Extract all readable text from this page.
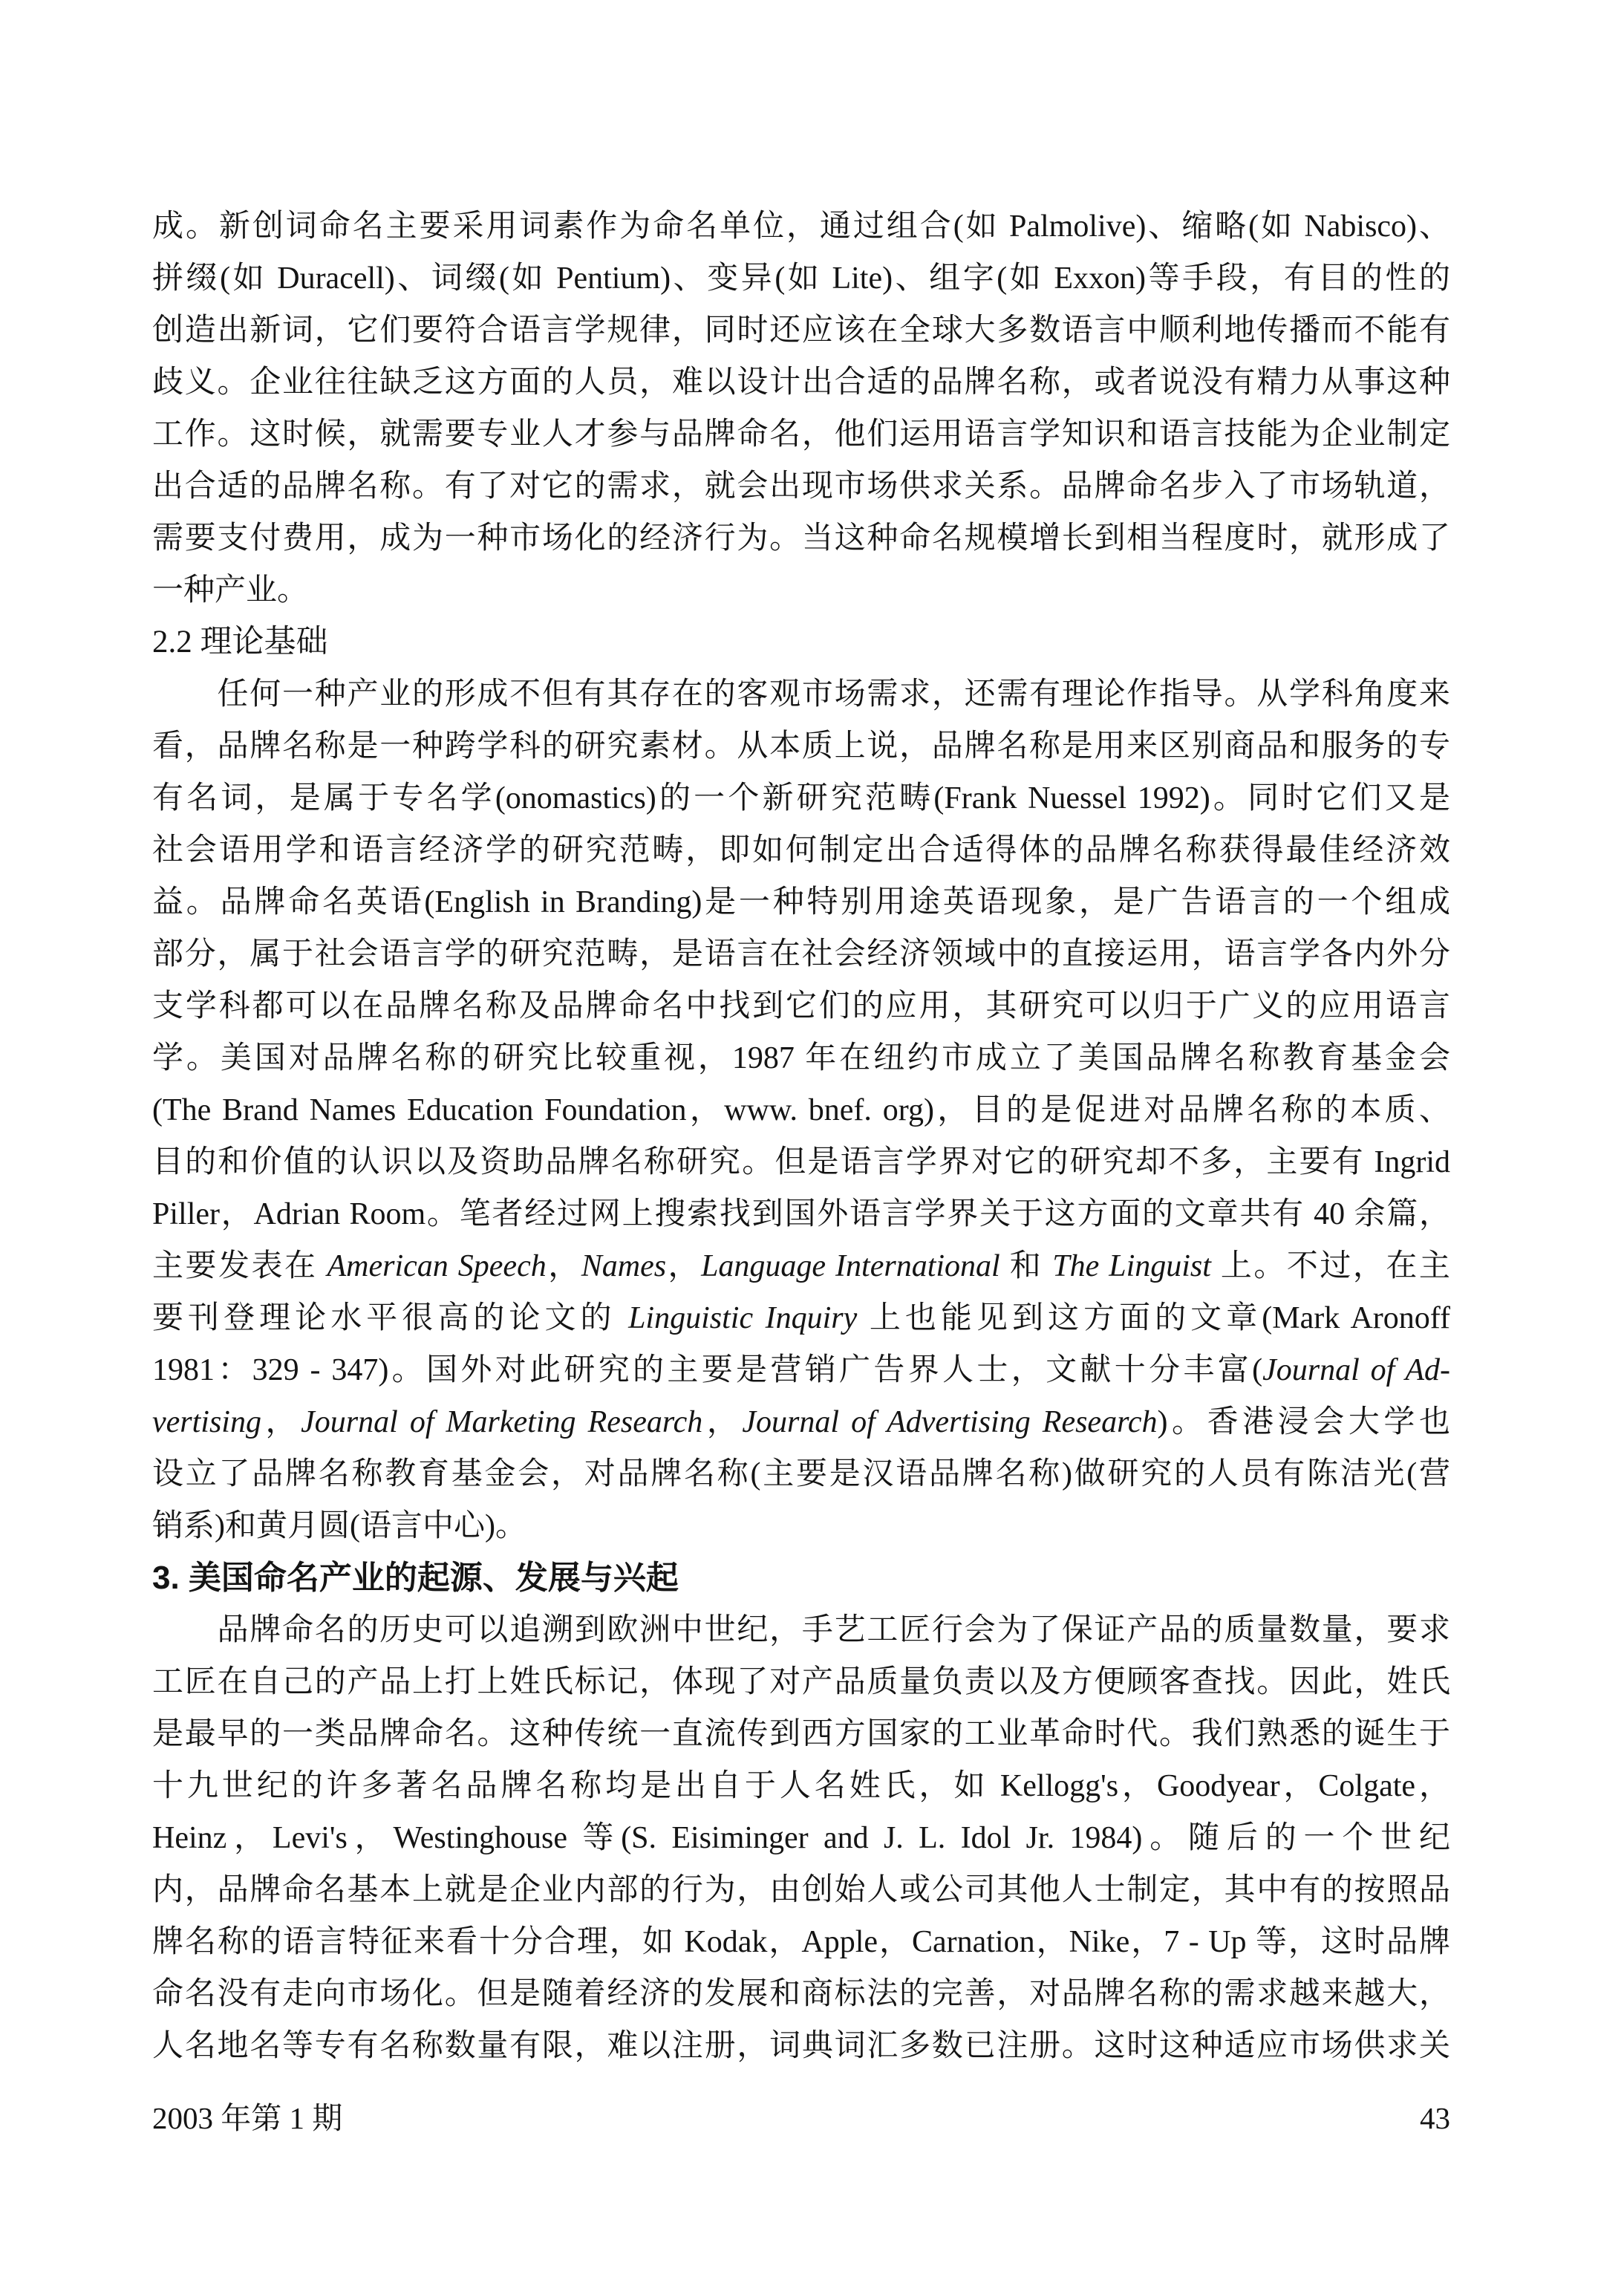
成。新创词命名主要采用词素作为命名单位，通过组合(如 Palmolive)、缩略(如 Nabisco)、
拼缀(如 Duracell)、词缀(如 Pentium)、变异(如 Lite)、组字(如 Exxon)等手段，有目的性的
创造出新词，它们要符合语言学规律，同时还应该在全球大多数语言中顺利地传播而不能有
歧义。企业往往缺乏这方面的人员，难以设计出合适的品牌名称，或者说没有精力从事这种
工作。这时候，就需要专业人才参与品牌命名，他们运用语言学知识和语言技能为企业制定
出合适的品牌名称。有了对它的需求，就会出现市场供求关系。品牌命名步入了市场轨道，
需要支付费用，成为一种市场化的经济行为。当这种命名规模增长到相当程度时，就形成了
一种产业。
2.2 理论基础
　　任何一种产业的形成不但有其存在的客观市场需求，还需有理论作指导。从学科角度来
看，品牌名称是一种跨学科的研究素材。从本质上说，品牌名称是用来区别商品和服务的专
有名词，是属于专名学(onomastics)的一个新研究范畴(Frank Nuessel 1992)。同时它们又是
社会语用学和语言经济学的研究范畴，即如何制定出合适得体的品牌名称获得最佳经济效
益。品牌命名英语(English in Branding)是一种特别用途英语现象，是广告语言的一个组成
部分，属于社会语言学的研究范畴，是语言在社会经济领域中的直接运用，语言学各内外分
支学科都可以在品牌名称及品牌命名中找到它们的应用，其研究可以归于广义的应用语言
学。美国对品牌名称的研究比较重视，1987 年在纽约市成立了美国品牌名称教育基金会
(The Brand Names Education Foundation，www. bnef. org)，目的是促进对品牌名称的本质、
目的和价值的认识以及资助品牌名称研究。但是语言学界对它的研究却不多，主要有 Ingrid
Piller，Adrian Room。笔者经过网上搜索找到国外语言学界关于这方面的文章共有 40 余篇，
主要发表在 American Speech，Names，Language International 和 The Linguist 上。不过，在主
要刊登理论水平很高的论文的 Linguistic Inquiry 上也能见到这方面的文章(Mark Aronoff
1981：329 - 347)。国外对此研究的主要是营销广告界人士，文献十分丰富(Journal of Ad-
vertising，Journal of Marketing Research，Journal of Advertising Research)。香港浸会大学也
设立了品牌名称教育基金会，对品牌名称(主要是汉语品牌名称)做研究的人员有陈洁光(营
销系)和黄月圆(语言中心)。
3. 美国命名产业的起源、发展与兴起
　　品牌命名的历史可以追溯到欧洲中世纪，手艺工匠行会为了保证产品的质量数量，要求
工匠在自己的产品上打上姓氏标记，体现了对产品质量负责以及方便顾客查找。因此，姓氏
是最早的一类品牌命名。这种传统一直流传到西方国家的工业革命时代。我们熟悉的诞生于
十九世纪的许多著名品牌名称均是出自于人名姓氏，如 Kellogg's，Goodyear，Colgate，
Heinz，Levi's，Westinghouse 等(S. Eisiminger and J. L. Idol Jr. 1984)。随后的一个世纪
内，品牌命名基本上就是企业内部的行为，由创始人或公司其他人士制定，其中有的按照品
牌名称的语言特征来看十分合理，如 Kodak，Apple，Carnation，Nike，7 - Up 等，这时品牌
命名没有走向市场化。但是随着经济的发展和商标法的完善，对品牌名称的需求越来越大，
人名地名等专有名称数量有限，难以注册，词典词汇多数已注册。这时这种适应市场供求关
2003 年第 1 期	43
